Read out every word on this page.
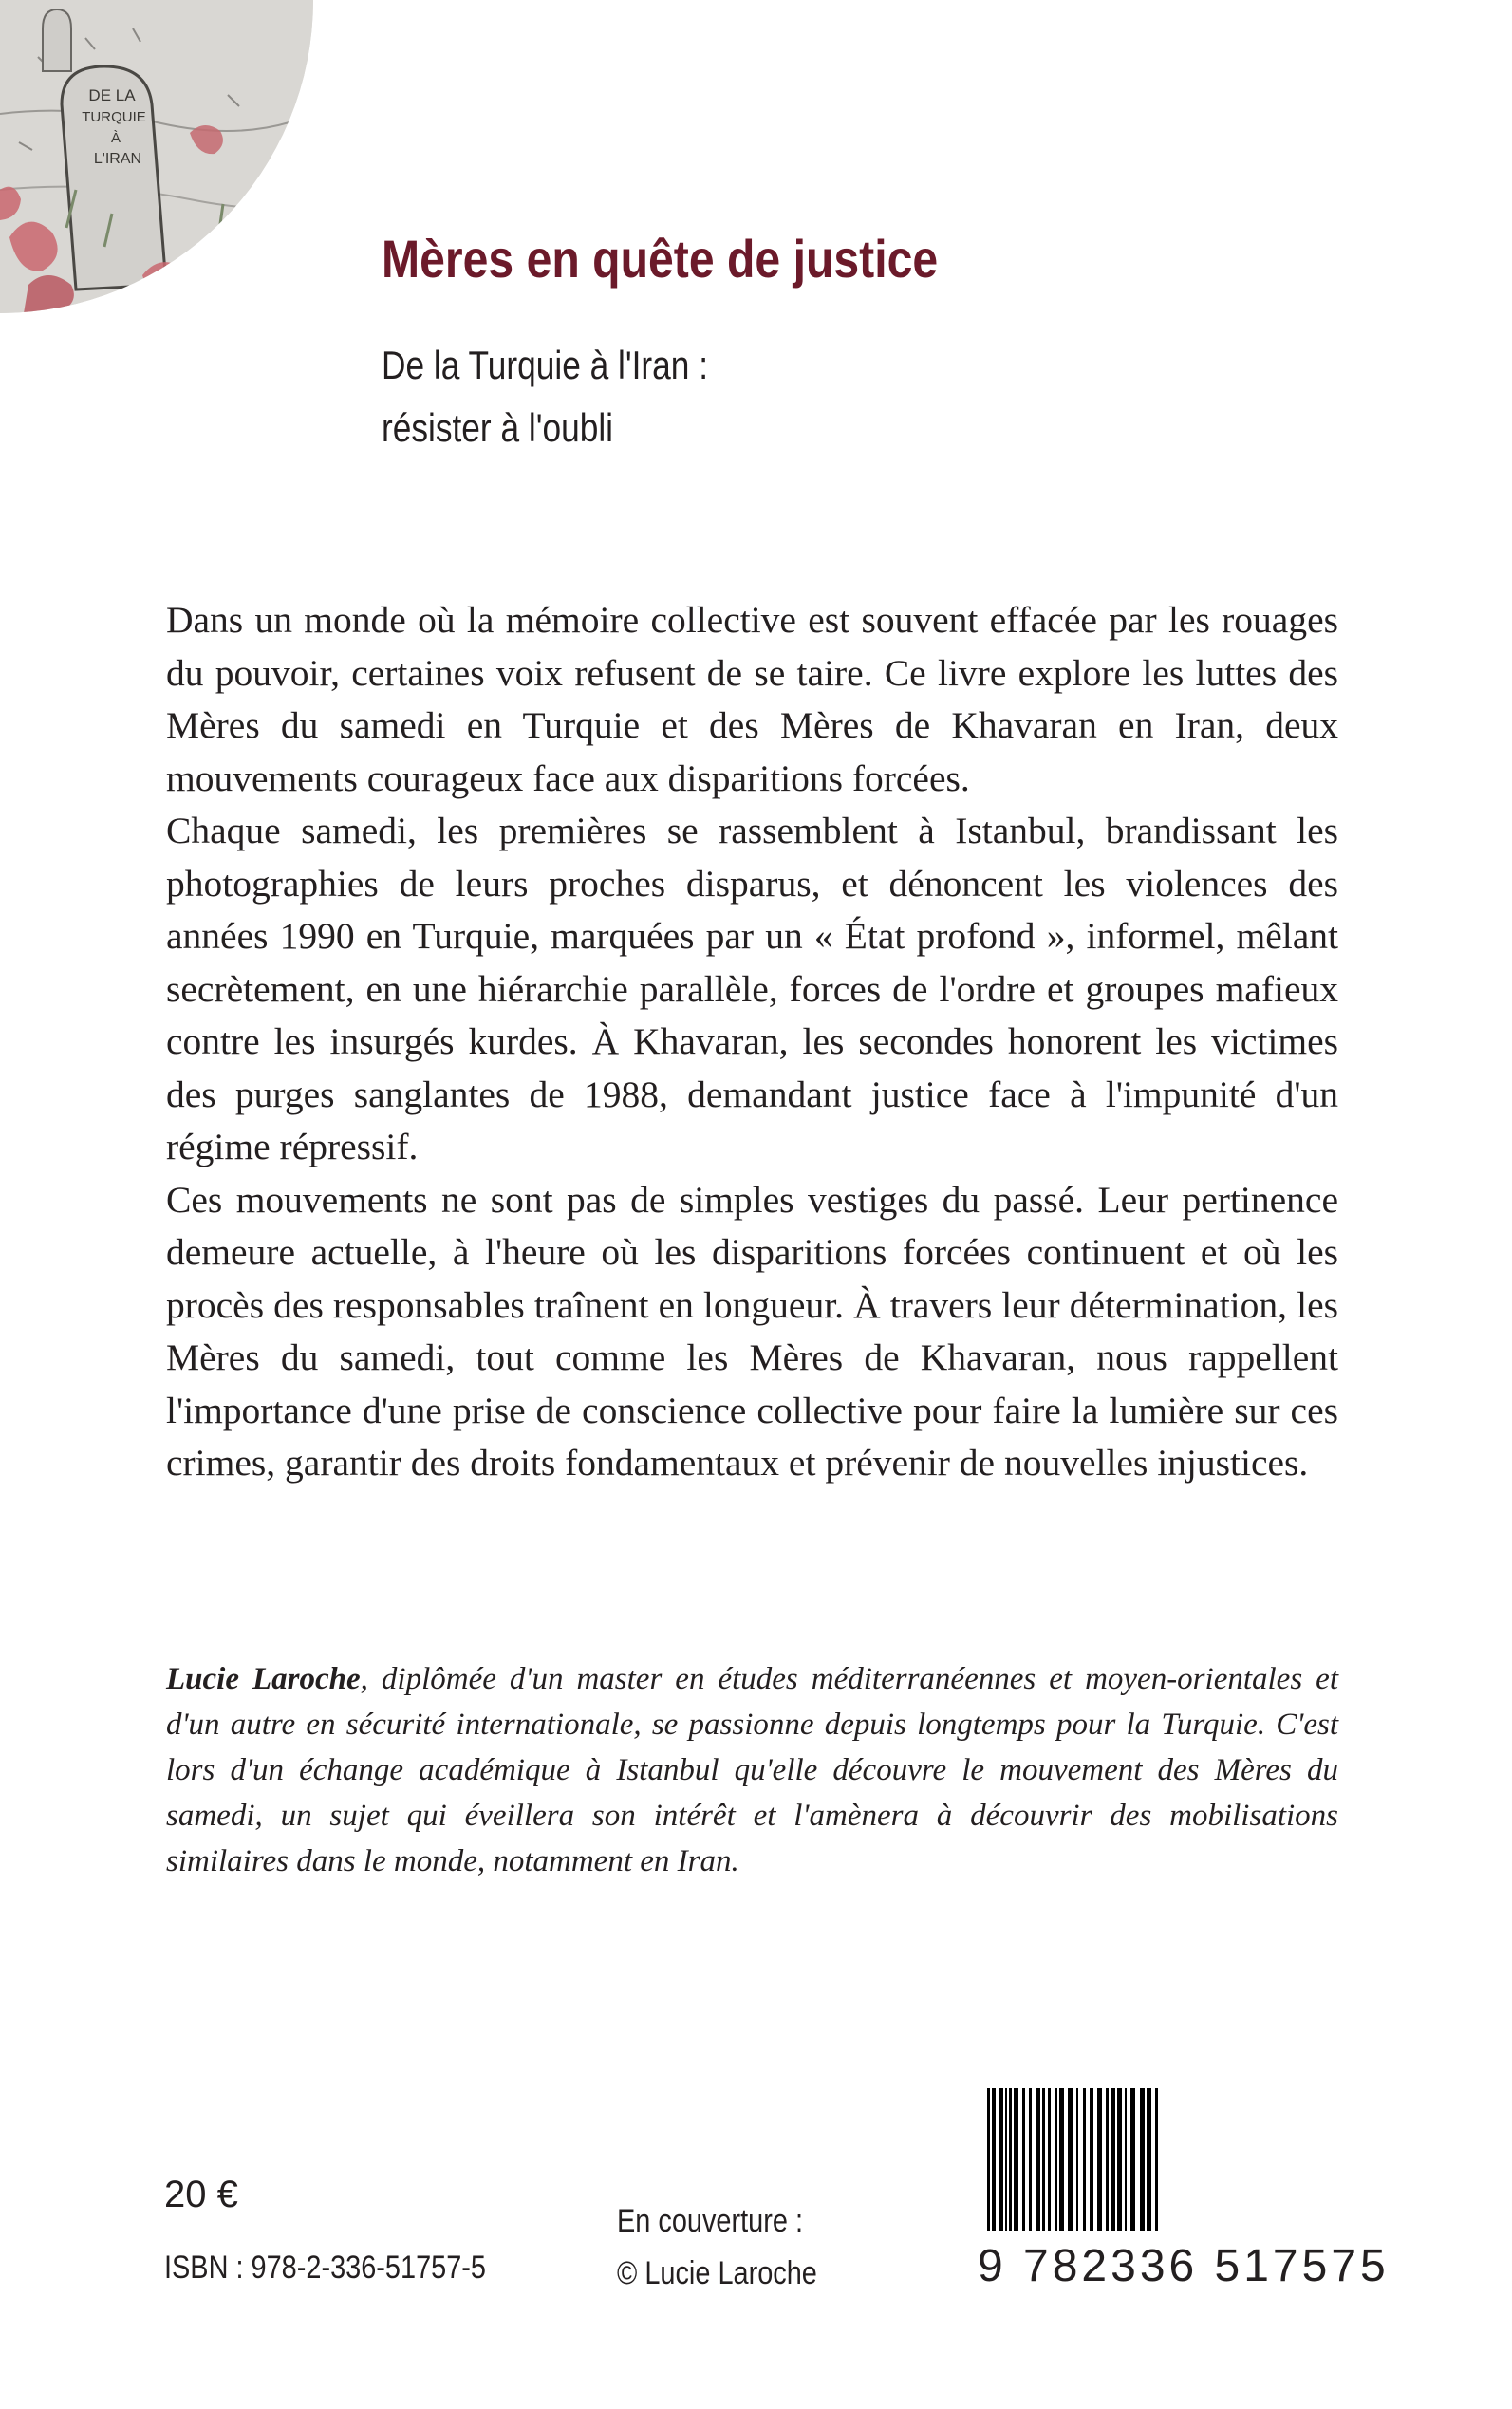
DE LA
TURQUIE
À
L'IRAN
Mères en quête de justice
De la Turquie à l'Iran :
résister à l'oubli

Dans un monde où la mémoire collective est souvent effacée par les rouages du pouvoir, certaines voix refusent de se taire. Ce livre explore les luttes des Mères du samedi en Turquie et des Mères de Khavaran en Iran, deux mouvements courageux face aux disparitions forcées.

Chaque samedi, les premières se rassemblent à Istanbul, brandissant les photographies de leurs proches disparus, et dénoncent les violences des années 1990 en Turquie, marquées par un « État profond », informel, mêlant secrètement, en une hiérarchie parallèle, forces de l'ordre et groupes mafieux contre les insurgés kurdes. À Khavaran, les secondes honorent les victimes des purges sanglantes de 1988, demandant justice face à l'impunité d'un régime répressif.

Ces mouvements ne sont pas de simples vestiges du passé. Leur pertinence demeure actuelle, à l'heure où les disparitions forcées continuent et où les procès des responsables traînent en longueur. À travers leur détermination, les Mères du samedi, tout comme les Mères de Khavaran, nous rappellent l'importance d'une prise de conscience collective pour faire la lumière sur ces crimes, garantir des droits fondamentaux et prévenir de nouvelles injustices.

Lucie Laroche, diplômée d'un master en études méditerranéennes et moyen-orientales et d'un autre en sécurité internationale, se passionne depuis longtemps pour la Turquie. C'est lors d'un échange académique à Istanbul qu'elle découvre le mouvement des Mères du samedi, un sujet qui éveillera son intérêt et l'amènera à découvrir des mobilisations similaires dans le monde, notamment en Iran.
20 €
ISBN : 978-2-336-51757-5
En couverture :
© Lucie Laroche	9 782336 517575
